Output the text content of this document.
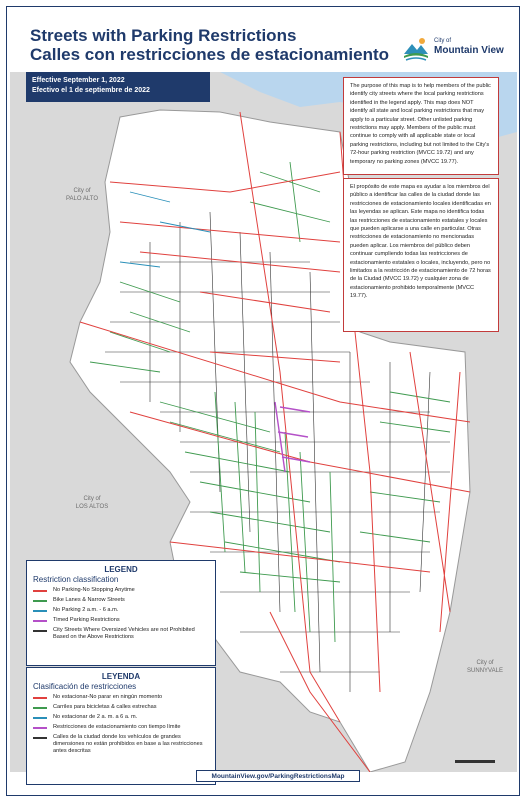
Streets with Parking Restrictions
Calles con restricciones de estacionamiento
City of
Mountain View
City of
PALO ALTO
City of
LOS ALTOS
City of
SUNNYVALE
Effective September 1, 2022
Efectivo el 1 de septiembre de 2022
The purpose of this map is to help members of the public identify city streets where the local parking restrictions identified in the legend apply. This map does NOT identify all state and local parking restrictions that may apply to a particular street. Other unlisted parking restrictions may apply. Members of the public must continue to comply with all applicable state or local parking restrictions, including but not limited to the City's 72-hour parking restriction (MVCC 19.72) and any temporary no parking zones (MVCC 19.77).
El propósito de este mapa es ayudar a los miembros del público a identificar las calles de la ciudad donde las restricciones de estacionamiento locales identificadas en las leyendas se aplican. Este mapa no identifica todas las restricciones de estacionamiento estatales y locales que pueden aplicarse a una calle en particular. Otras restricciones de estacionamiento no mencionadas pueden aplicar. Los miembros del público deben continuar cumpliendo todas las restricciones de estacionamiento estatales o locales, incluyendo, pero no limitados a la restricción de estacionamiento de 72 horas de la Ciudad (MVCC 19.72) y cualquier zona de estacionamiento prohibido temporalmente (MVCC 19.77).
LEGEND
Restriction classification
No Parking-No Stopping Anytime
Bike Lanes & Narrow Streets
No Parking 2 a.m. - 6 a.m.
Timed Parking Restrictions
City Streets Where Oversized Vehicles are not Prohibited Based on the Above Restrictions
LEYENDA
Clasificación de restricciones
No estacionar-No parar en ningún momento
Carriles para bicicletas & calles estrechas
No estacionar de 2 a. m. a 6 a. m.
Restricciones de estacionamiento con tiempo límite
Calles de la ciudad donde los vehículos de grandes dimensiones no están prohibidos en base a las restricciones antes descritas
MountainView.gov/ParkingRestrictionsMap
